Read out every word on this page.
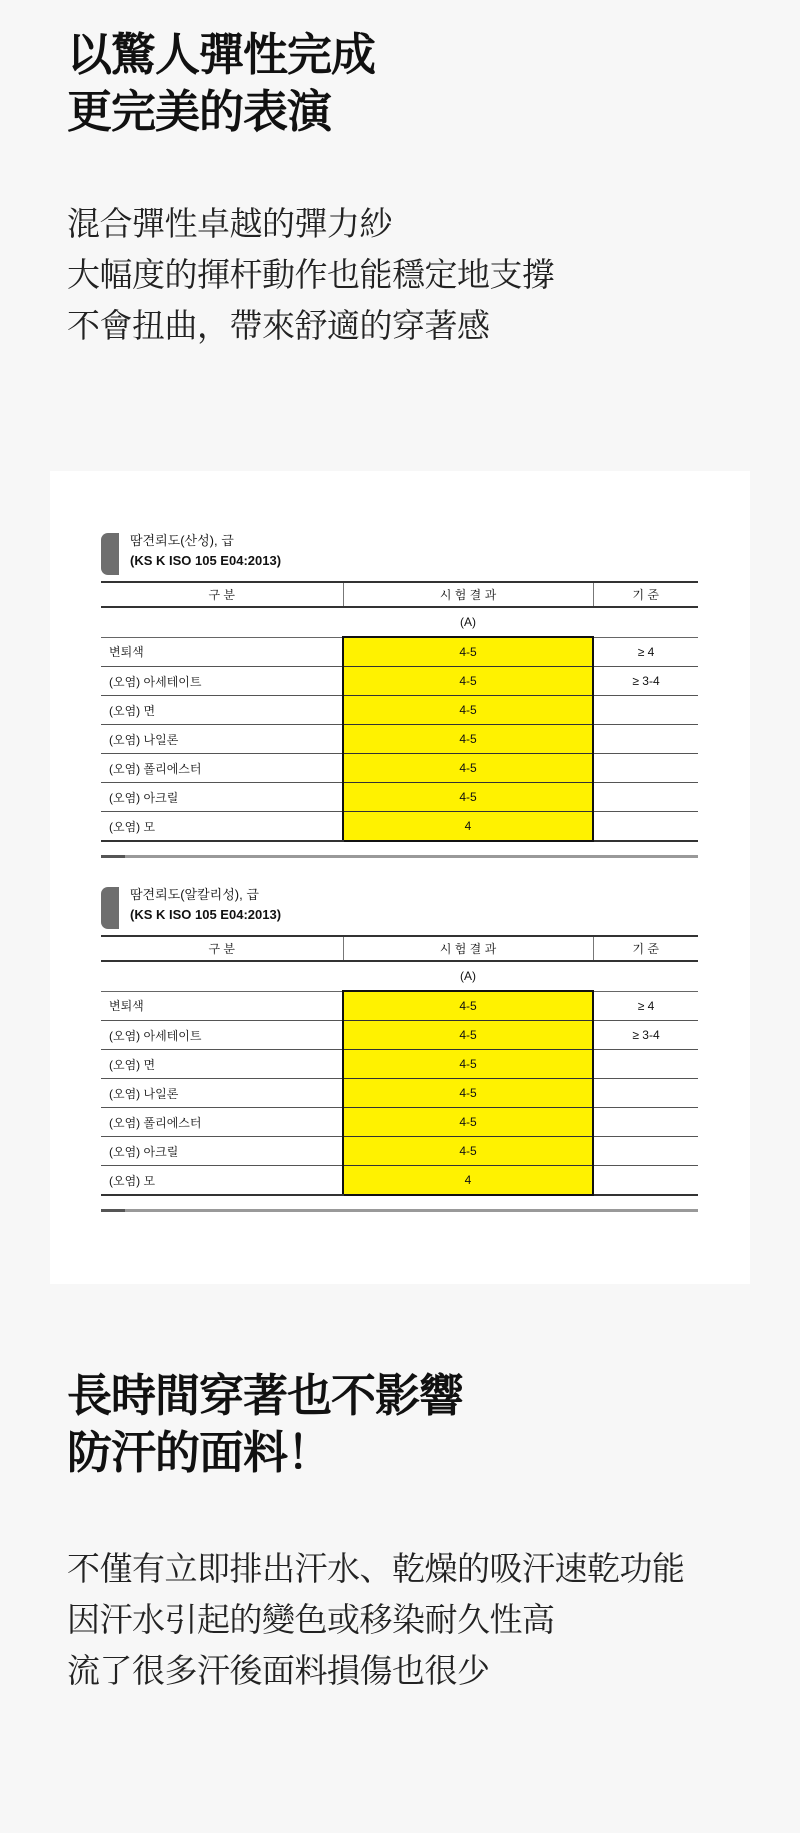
以驚人彈性完成
更完美的表演
混合彈性卓越的彈力紗
大幅度的揮杆動作也能穩定地支撐
不會扭曲，帶來舒適的穿著感
땀견뢰도(산성), 급
(KS K ISO 105 E04:2013)
구 분	시 험 결 과	기 준
	(A)	
변퇴색	4-5	≥ 4
(오염) 아세테이트	4-5	≥ 3-4
(오염) 면	4-5	
(오염) 나일론	4-5	
(오염) 폴리에스터	4-5	
(오염) 아크릴	4-5	
(오염) 모	4	
땀견뢰도(알칼리성), 급
(KS K ISO 105 E04:2013)
구 분	시 험 결 과	기 준
	(A)	
변퇴색	4-5	≥ 4
(오염) 아세테이트	4-5	≥ 3-4
(오염) 면	4-5	
(오염) 나일론	4-5	
(오염) 폴리에스터	4-5	
(오염) 아크릴	4-5	
(오염) 모	4	
長時間穿著也不影響
防汗的面料！
不僅有立即排出汗水、乾燥的吸汗速乾功能
因汗水引起的變色或移染耐久性高
流了很多汗後面料損傷也很少
